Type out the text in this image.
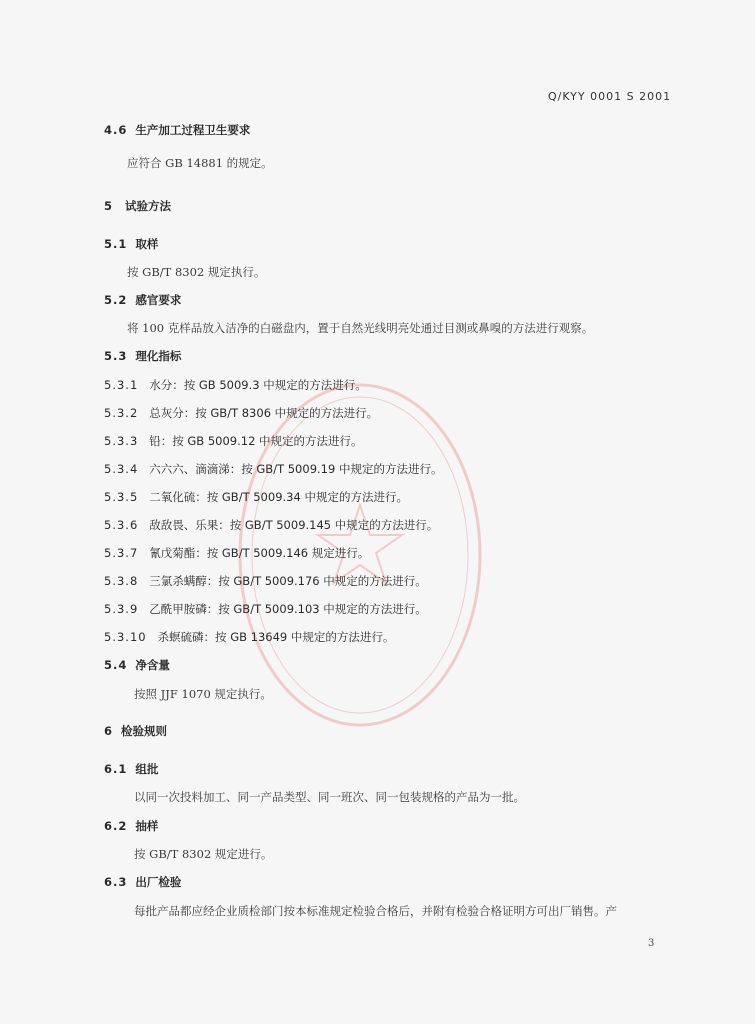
Q/KYY 0001 S 2001
4.6 生产加工过程卫生要求
应符合 GB 14881 的规定。
5 试验方法
5.1 取样
按 GB/T 8302 规定执行。
5.2 感官要求
将 100 克样品放入洁净的白磁盘内，置于自然光线明亮处通过目测或鼻嗅的方法进行观察。
5.3 理化指标
5.3.1 水分：按 GB 5009.3 中规定的方法进行。
5.3.2 总灰分：按 GB/T 8306 中规定的方法进行。
5.3.3 铅：按 GB 5009.12 中规定的方法进行。
5.3.4 六六六、滴滴涕：按 GB/T 5009.19 中规定的方法进行。
5.3.5 二氧化硫：按 GB/T 5009.34 中规定的方法进行。
5.3.6 敌敌畏、乐果：按 GB/T 5009.145 中规定的方法进行。
5.3.7 氰戊菊酯：按 GB/T 5009.146 规定进行。
5.3.8 三氯杀螨醇：按 GB/T 5009.176 中规定的方法进行。
5.3.9 乙酰甲胺磷：按 GB/T 5009.103 中规定的方法进行。
5.3.10 杀螟硫磷：按 GB 13649 中规定的方法进行。
5.4 净含量
按照 JJF 1070 规定执行。
6 检验规则
6.1 组批
以同一次投料加工、同一产品类型、同一班次、同一包装规格的产品为一批。
6.2 抽样
按 GB/T 8302 规定进行。
6.3 出厂检验
每批产品都应经企业质检部门按本标准规定检验合格后，并附有检验合格证明方可出厂销售。产
3
